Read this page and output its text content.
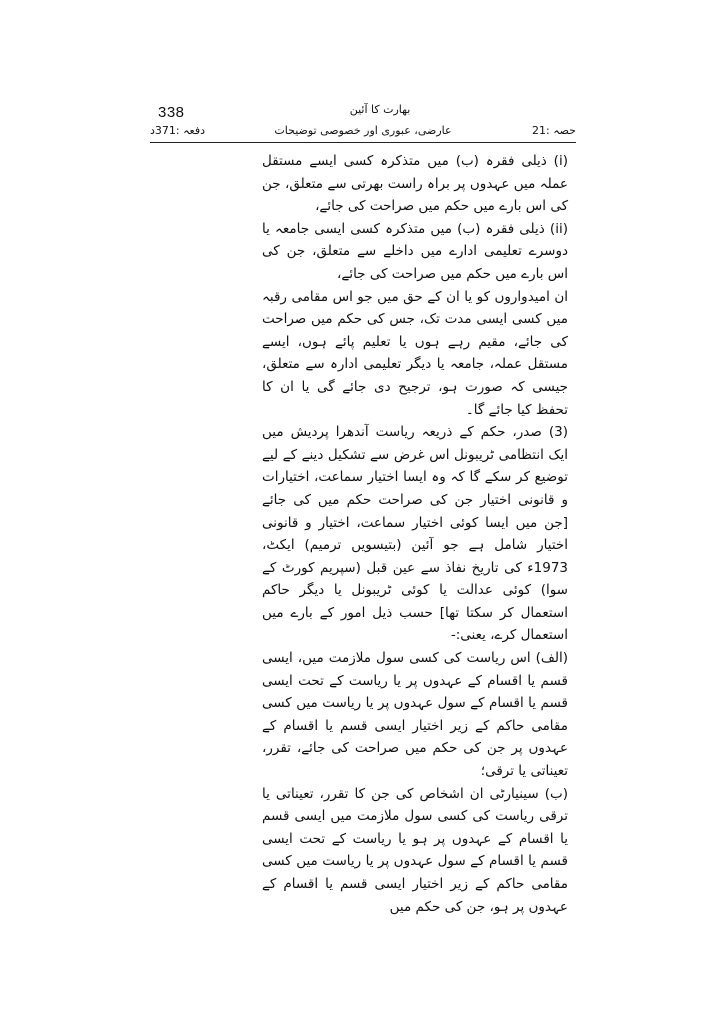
338	بھارت کا آئین
حصہ :21
عارضی، عبوری اور خصوصی توضیحات
دفعہ :371د

(i) ذیلی فقرہ (ب) میں متذکرہ کسی ایسے مستقل عملہ میں عہدوں پر براہ راست بھرتی سے متعلق، جن کی اس بارے میں حکم میں صراحت کی جائے،

(ii) ذیلی فقرہ (ب) میں متذکرہ کسی ایسی جامعہ یا دوسرے تعلیمی ادارے میں داخلے سے متعلق، جن کی اس بارے میں حکم میں صراحت کی جائے،

ان امیدواروں کو یا ان کے حق میں جو اس مقامی رقبہ میں کسی ایسی مدت تک، جس کی حکم میں صراحت کی جائے، مقیم رہے ہوں یا تعلیم پائے ہوں، ایسے مستقل عملہ، جامعہ یا دیگر تعلیمی ادارہ سے متعلق، جیسی کہ صورت ہو، ترجیح دی جائے گی یا ان کا تحفظ کیا جائے گا۔

(3) صدر، حکم کے ذریعہ ریاست آندھرا پردیش میں ایک انتظامی ٹریبونل اس غرض سے تشکیل دینے کے لیے توضیع کر سکے گا کہ وہ ایسا اختیار سماعت، اختیارات و قانونی اختیار جن کی صراحت حکم میں کی جائے [جن میں ایسا کوئی اختیار سماعت، اختیار و قانونی اختیار شامل ہے جو آئین (بتیسویں ترمیم) ایکٹ، 1973ء کی تاریخ نفاذ سے عین قبل (سپریم کورٹ کے سوا) کوئی عدالت یا کوئی ٹریبونل یا دیگر حاکم استعمال کر سکتا تھا] حسب ذیل امور کے بارے میں استعمال کرے، یعنی:-

(الف) اس ریاست کی کسی سول ملازمت میں، ایسی قسم یا اقسام کے عہدوں پر یا ریاست کے تحت ایسی قسم یا اقسام کے سول عہدوں پر یا ریاست میں کسی مقامی حاکم کے زیر اختیار ایسی قسم یا اقسام کے عہدوں پر جن کی حکم میں صراحت کی جائے، تقرر، تعیناتی یا ترقی؛

(ب) سینیارٹی ان اشخاص کی جن کا تقرر، تعیناتی یا ترقی ریاست کی کسی سول ملازمت میں ایسی قسم یا اقسام کے عہدوں پر ہو یا ریاست کے تحت ایسی قسم یا اقسام کے سول عہدوں پر یا ریاست میں کسی مقامی حاکم کے زیر اختیار ایسی قسم یا اقسام کے عہدوں پر ہو، جن کی حکم میں
